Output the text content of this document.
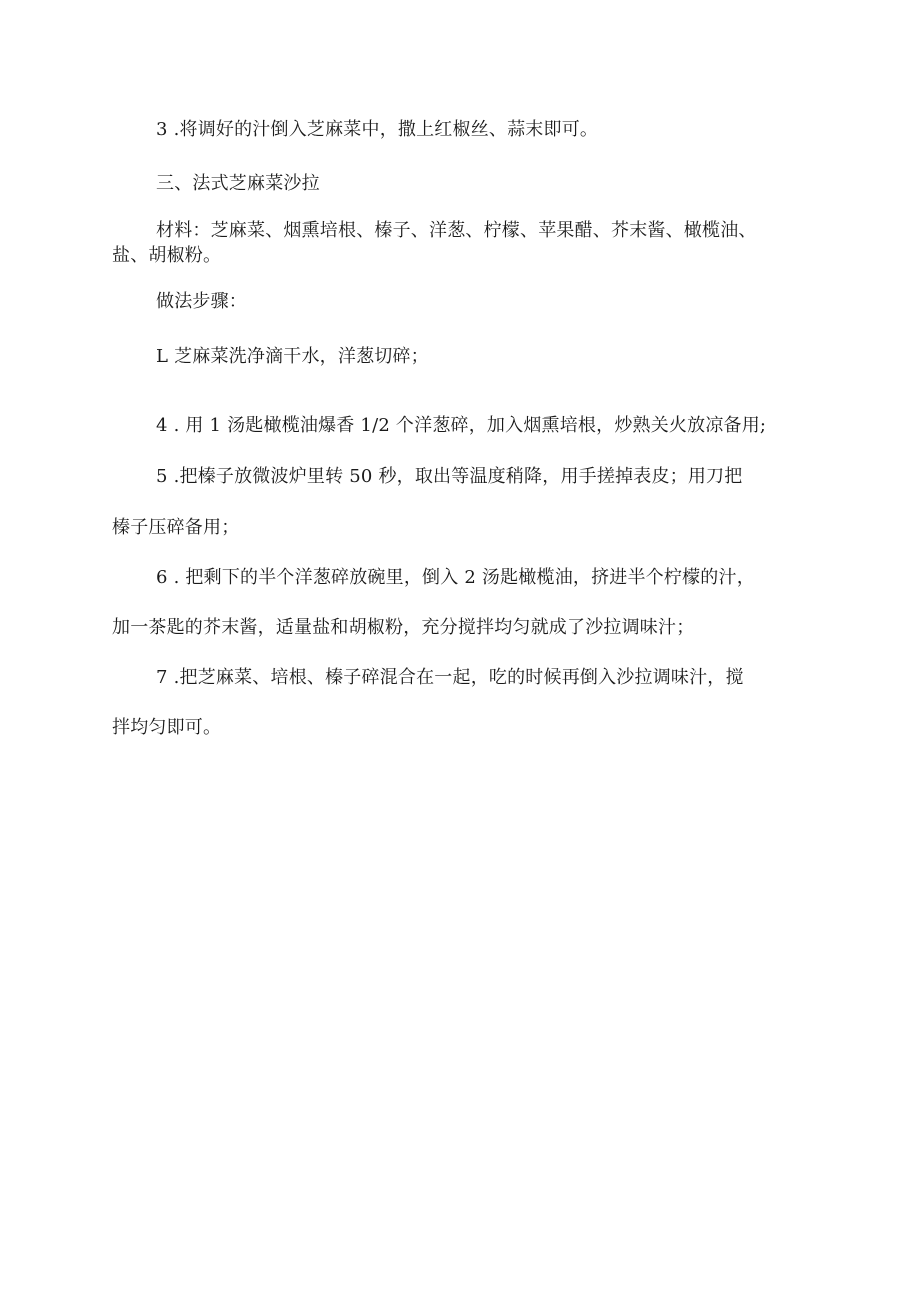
3 .将调好的汁倒入芝麻菜中，撒上红椒丝、蒜末即可。
三、法式芝麻菜沙拉
材料：芝麻菜、烟熏培根、榛子、洋葱、柠檬、苹果醋、芥末酱、橄榄油、
盐、胡椒粉。
做法步骤：
L 芝麻菜洗净滴干水，洋葱切碎；
4 . 用 1 汤匙橄榄油爆香 1/2 个洋葱碎，加入烟熏培根，炒熟关火放凉备用;
5 .把榛子放微波炉里转 50 秒，取出等温度稍降，用手搓掉表皮；用刀把
榛子压碎备用；
6 . 把剩下的半个洋葱碎放碗里，倒入 2 汤匙橄榄油，挤进半个柠檬的汁，
加一茶匙的芥末酱，适量盐和胡椒粉，充分搅拌均匀就成了沙拉调味汁；
7 .把芝麻菜、培根、榛子碎混合在一起，吃的时候再倒入沙拉调味汁，搅
拌均匀即可。
